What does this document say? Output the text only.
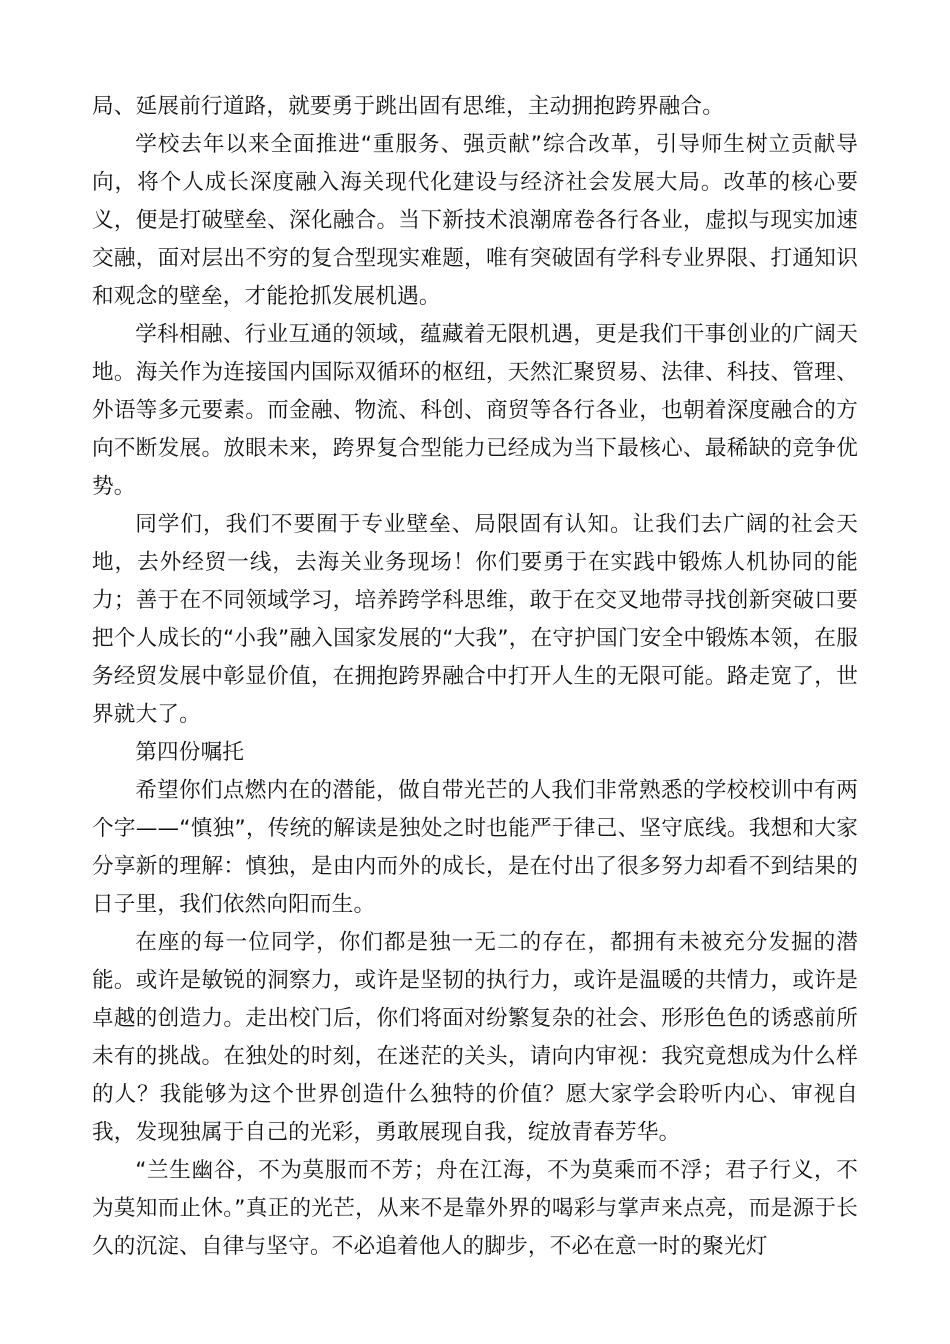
局、延展前行道路，就要勇于跳出固有思维，主动拥抱跨界融合。

学校去年以来全面推进“重服务、强贡献”综合改革，引导师生树立贡献导向，将个人成长深度融入海关现代化建设与经济社会发展大局。改革的核心要义，便是打破壁垒、深化融合。当下新技术浪潮席卷各行各业，虚拟与现实加速交融，面对层出不穷的复合型现实难题，唯有突破固有学科专业界限、打通知识和观念的壁垒，才能抢抓发展机遇。

学科相融、行业互通的领域，蕴藏着无限机遇，更是我们干事创业的广阔天地。海关作为连接国内国际双循环的枢纽，天然汇聚贸易、法律、科技、管理、外语等多元要素。而金融、物流、科创、商贸等各行各业，也朝着深度融合的方向不断发展。放眼未来，跨界复合型能力已经成为当下最核心、最稀缺的竞争优势。

同学们，我们不要囿于专业壁垒、局限固有认知。让我们去广阔的社会天地，去外经贸一线，去海关业务现场！你们要勇于在实践中锻炼人机协同的能力；善于在不同领域学习，培养跨学科思维，敢于在交叉地带寻找创新突破口要把个人成长的“小我”融入国家发展的“大我”，在守护国门安全中锻炼本领，在服务经贸发展中彰显价值，在拥抱跨界融合中打开人生的无限可能。路走宽了，世界就大了。

第四份嘱托

希望你们点燃内在的潜能，做自带光芒的人我们非常熟悉的学校校训中有两个字——“慎独”，传统的解读是独处之时也能严于律己、坚守底线。我想和大家分享新的理解：慎独，是由内而外的成长，是在付出了很多努力却看不到结果的日子里，我们依然向阳而生。

在座的每一位同学，你们都是独一无二的存在，都拥有未被充分发掘的潜能。或许是敏锐的洞察力，或许是坚韧的执行力，或许是温暖的共情力，或许是卓越的创造力。走出校门后，你们将面对纷繁复杂的社会、形形色色的诱惑前所未有的挑战。在独处的时刻，在迷茫的关头，请向内审视：我究竟想成为什么样的人？我能够为这个世界创造什么独特的价值？愿大家学会聆听内心、审视自我，发现独属于自己的光彩，勇敢展现自我，绽放青春芳华。

“兰生幽谷，不为莫服而不芳；舟在江海，不为莫乘而不浮；君子行义，不为莫知而止休。”真正的光芒，从来不是靠外界的喝彩与掌声来点亮，而是源于长久的沉淀、自律与坚守。不必追着他人的脚步，不必在意一时的聚光灯
